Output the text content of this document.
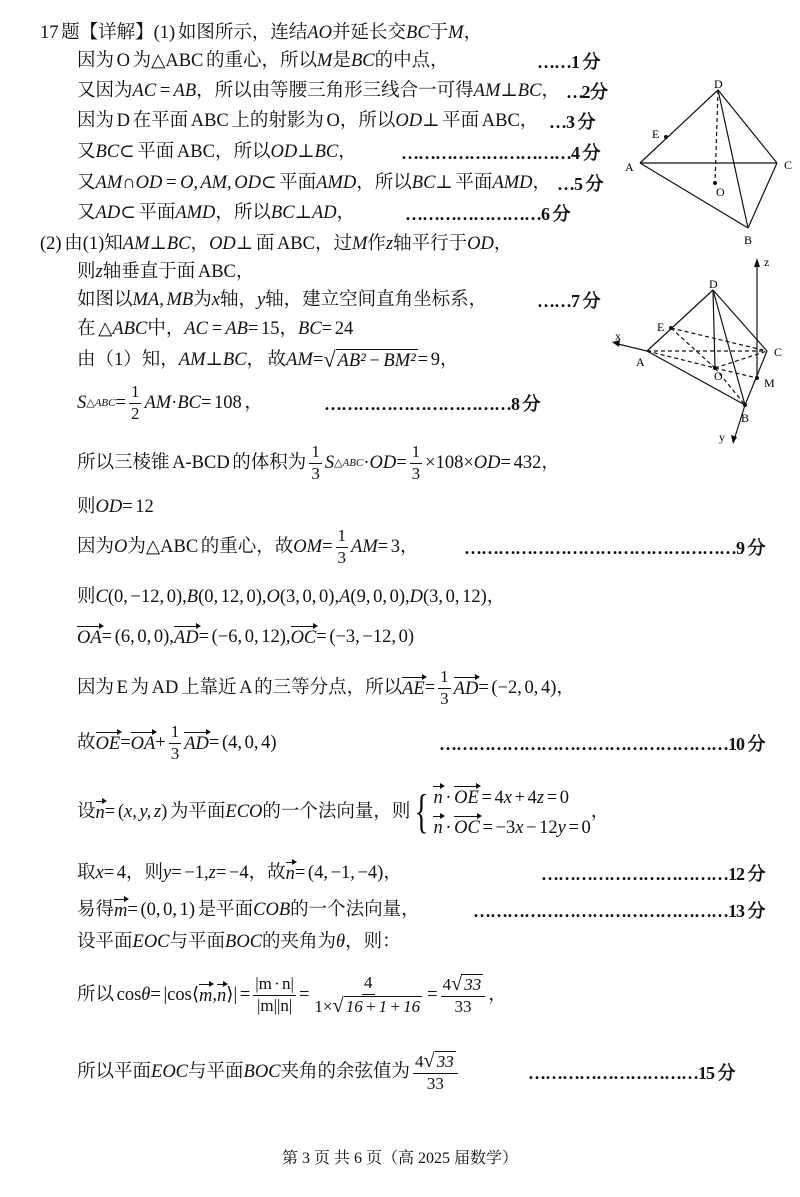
17 题【详解】(1) 如图所示，连结 AO 并延长交 BC 于 M ，
因为 O 为△ABC 的重心，所以 M 是 BC 的中点，	……1 分
又因为 AC = AB ，所以由等腰三角形三线合一可得 AM ⊥ BC ， …2 分
因为 D 在平面 ABC 上的射影为 O，所以 OD ⊥ 平面 ABC， …3 分
又 BC ⊂ 平面 ABC，所以 OD ⊥ BC ， …………………………4 分
又 AM ∩ OD = O, AM, OD ⊂ 平面 AMD ，所以 BC ⊥ 平面 AMD ， …5 分
又 AD ⊂ 平面 AMD ，所以 BC ⊥ AD ，	……………………6 分
(2) 由(1)知 AM ⊥ BC ， OD ⊥ 面 ABC，过 M 作 z 轴平行于 OD ，
则 z 轴垂直于面 ABC，
如图以 MA, MB 为 x 轴， y 轴，建立空间直角坐标系，	……7 分
在 △ ABC 中， AC = AB = 15， BC = 24
由（1）知， AM ⊥ BC ， 故 AM = √ AB² − BM² = 9，
S △ABC = $\frac{1}{2}$ AM · BC = 108 ，	……………………………8 分
所以三棱锥 A-BCD 的体积为
1
3
S △ABC · OD = $\frac{1}{3} \times 108\times$ OD = 432，
则 OD = 12
因为 O 为△ABC 的重心，故 OM = $\frac{1}{3}$ AM = 3，	…………………………………………9 分
则 C (0, −12, 0), B (0, 12, 0), O (3, 0, 0), A (9, 0, 0), D (3, 0, 12)，
OA = (6, 0, 0), AD = (−6, 0, 12), OC = (−3, −12, 0)
因为 E 为 AD 上靠近 A 的三等分点，所以 AE = $\frac{1}{3}$ AD = (−2, 0, 4)，
故 OE = OA + $\frac{1}{3}$ AD = (4, 0, 4)	……………………………………………10 分
设 n = ( x, y, z ) 为平面 ECO 的一个法向量，则 { n · OE = 4x + 4z = 0
n · OC = −3x − 12y = 0
，
取 x = 4，则 y = −1, z = −4，故 n = (4, −1, −4)，	……………………………12 分
易得 m = (0, 0, 1) 是平面 COB 的一个法向量，	………………………………………13 分
设平面 EOC 与平面 BOC 的夹角为 θ ，则：
所以 cos θ = |cos⟨ m , n ⟩| = $\frac{|m \cdot n|}{|m||n|} = \frac{4}{1\times √ 16 + 1 + 16} = \frac{4 √ 33}{33}$ ，
所以平面 EOC 与平面 BOC 夹角的余弦值为
4 √ 33
33
…………………………15 分
D
E
A	C
O
B
D
E
A
C
O	M
B
x
y
z
第 3 页 共 6 页（高 2025 届数学）
